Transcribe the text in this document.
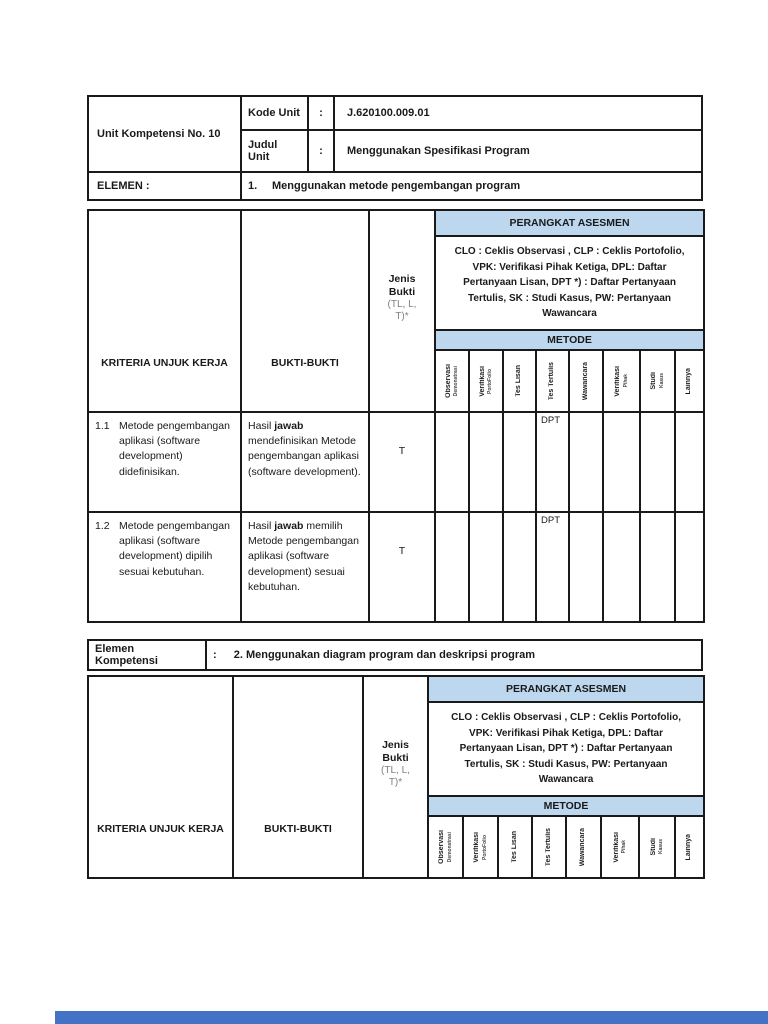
Unit Kompetensi No. 10	Kode Unit	:	J.620100.009.01
	Judul Unit	:	Menggunakan Spesifikasi Program
ELEMEN :	1. Menggunakan metode pengembangan program		
KRITERIA UNJUK KERJA	BUKTI-BUKTI	Jenis
Bukti
(TL, L,
T)*	PERANGKAT ASESMEN							
			CLO : Ceklis Observasi , CLP : Ceklis Portofolio, VPK: Verifikasi Pihak Ketiga, DPL: Daftar Pertanyaan Lisan, DPT *) : Daftar Pertanyaan Tertulis, SK : Studi Kasus, PW: Pertanyaan Wawancara							
			METODE							

			Observasi Demonstrasi	Verifikasi PortoFolio	Tes Lisan	Tes Tertulis	Wawancara	Verifikasi Pihak	Studi Kasus	Lainnya

1.1 Metode pengembangan aplikasi (software development) didefinisikan.	Hasil jawab mendefinisikan Metode pengembangan aplikasi (software development).	T				DPT				

1.2 Metode pengembangan aplikasi (software development) dipilih sesuai kebutuhan.	Hasil jawab memilih Metode pengembangan aplikasi (software development) sesuai kebutuhan.	T				DPT				
Elemen Kompetensi	: 2. Menggunakan diagram program dan deskripsi program
KRITERIA UNJUK KERJA	BUKTI-BUKTI	Jenis
Bukti
(TL, L,
T)*	PERANGKAT ASESMEN							
			CLO : Ceklis Observasi , CLP : Ceklis Portofolio, VPK: Verifikasi Pihak Ketiga, DPL: Daftar Pertanyaan Lisan, DPT *) : Daftar Pertanyaan Tertulis, SK : Studi Kasus, PW: Pertanyaan Wawancara							
			METODE							

			Observasi Demonstrasi	Verifikasi PortoFolio	Tes Lisan	Tes Tertulis	Wawancara	Verifikasi Pihak	Studi Kasus	Lainnya
